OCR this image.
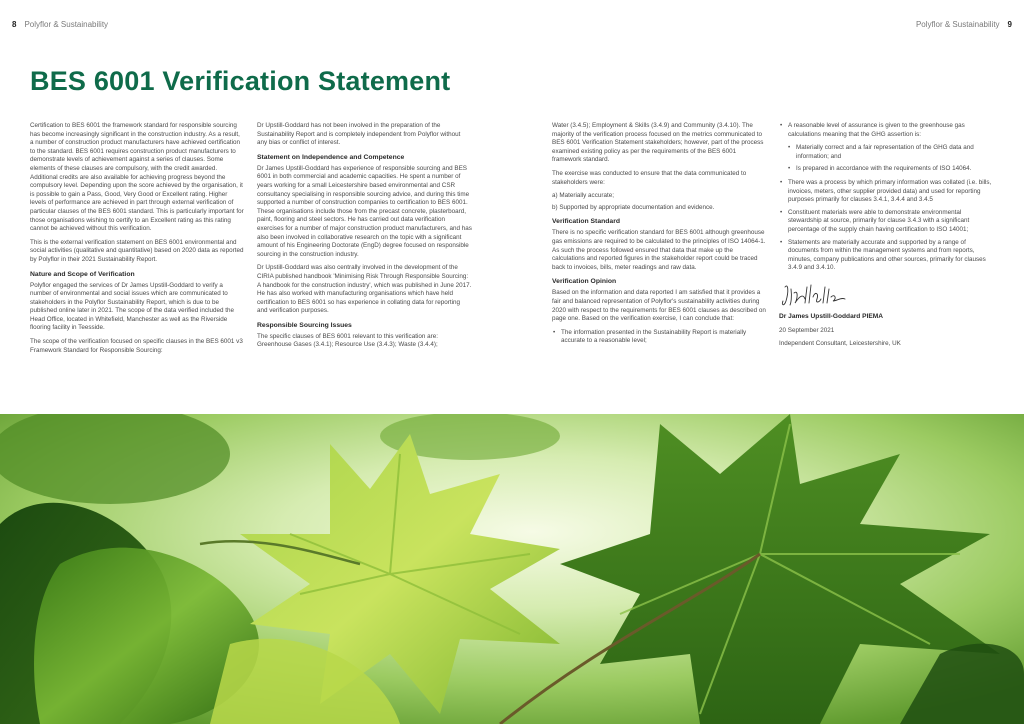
8 Polyflor & Sustainability	Polyflor & Sustainability 9
BES 6001 Verification Statement

Certification to BES 6001 the framework standard for responsible sourcing has become increasingly significant in the construction industry. As a result, a number of construction product manufacturers have achieved certification to the standard. BES 6001 requires construction product manufacturers to demonstrate levels of achievement against a series of clauses. Some elements of these clauses are compulsory, with the credit awarded. Additional credits are also available for achieving progress beyond the compulsory level. Depending upon the score achieved by the organisation, it is possible to gain a Pass, Good, Very Good or Excellent rating. Higher levels of performance are achieved in part through external verification of particular clauses of the BES 6001 standard. This is particularly important for those organisations wishing to certify to an Excellent rating as this rating cannot be achieved without this verification.

This is the external verification statement on BES 6001 environmental and social activities (qualitative and quantitative) based on 2020 data as reported by Polyflor in their 2021 Sustainability Report.

Nature and Scope of Verification

Polyflor engaged the services of Dr James Upstill-Goddard to verify a number of environmental and social issues which are communicated to stakeholders in the Polyflor Sustainability Report, which is due to be published online later in 2021. The scope of the data verified included the Head Office, located in Whitefield, Manchester as well as the Riverside flooring facility in Teesside.

The scope of the verification focused on specific clauses in the BES 6001 v3 Framework Standard for Responsible Sourcing:

Dr Upstill-Goddard has not been involved in the preparation of the Sustainability Report and is completely independent from Polyflor without any bias or conflict of interest.

Statement on Independence and Competence

Dr James Upstill-Goddard has experience of responsible sourcing and BES 6001 in both commercial and academic capacities. He spent a number of years working for a small Leicestershire based environmental and CSR consultancy specialising in responsible sourcing advice, and during this time supported a number of construction companies to certification to BES 6001. These organisations include those from the precast concrete, plasterboard, paint, flooring and steel sectors. He has carried out data verification exercises for a number of major construction product manufacturers, and has also been involved in collaborative research on the topic with a significant amount of his Engineering Doctorate (EngD) degree focused on responsible sourcing in the construction industry.

Dr Upstill-Goddard was also centrally involved in the development of the CIRIA published handbook 'Minimising Risk Through Responsible Sourcing: A handbook for the construction industry', which was published in June 2017. He has also worked with manufacturing organisations which have held certification to BES 6001 so has experience in collating data for reporting and verification purposes.

Responsible Sourcing Issues

The specific clauses of BES 6001 relevant to this verification are: Greenhouse Gases (3.4.1); Resource Use (3.4.3); Waste (3.4.4);

Water (3.4.5); Employment & Skills (3.4.9) and Community (3.4.10). The majority of the verification process focused on the metrics communicated to BES 6001 Verification Statement stakeholders; however, part of the process examined existing policy as per the requirements of the BES 6001 framework standard.

The exercise was conducted to ensure that the data communicated to stakeholders were:

a) Materially accurate;

b) Supported by appropriate documentation and evidence.

Verification Standard

There is no specific verification standard for BES 6001 although greenhouse gas emissions are required to be calculated to the principles of ISO 14064-1. As such the process followed ensured that data that make up the calculations and reported figures in the stakeholder report could be traced back to invoices, bills, meter readings and raw data.

Verification Opinion

Based on the information and data reported I am satisfied that it provides a fair and balanced representation of Polyflor's sustainability activities during 2020 with respect to the requirements for BES 6001 clauses as described on page one. Based on the verification exercise, I can conclude that:

• The information presented in the Sustainability Report is materially accurate to a reasonable level;
• A reasonable level of assurance is given to the greenhouse gas calculations meaning that the GHG assertion is:
• Materially correct and a fair representation of the GHG data and information; and
• Is prepared in accordance with the requirements of ISO 14064.
• There was a process by which primary information was collated (i.e. bills, invoices, meters, other supplier provided data) and used for reporting purposes primarily for clauses 3.4.1, 3.4.4 and 3.4.5
• Constituent materials were able to demonstrate environmental stewardship at source, primarily for clause 3.4.3 with a significant percentage of the supply chain having certification to ISO 14001;
• Statements are materially accurate and supported by a range of documents from within the management systems and from reports, minutes, company publications and other sources, primarily for clauses 3.4.9 and 3.4.10.

Dr James Upstill-Goddard PIEMA

20 September 2021

Independent Consultant, Leicestershire, UK
